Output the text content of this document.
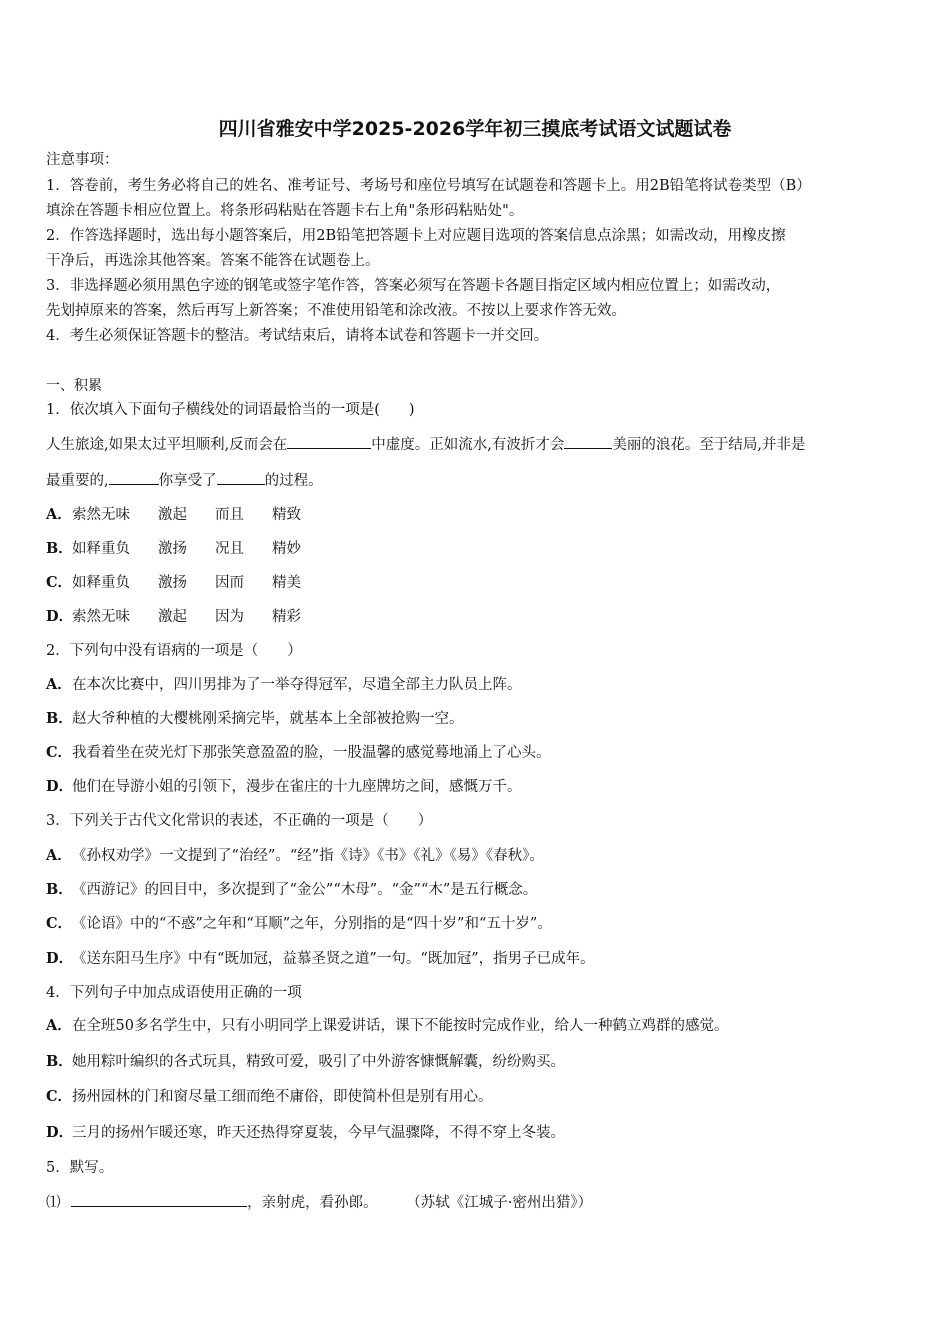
四川省雅安中学2025-2026学年初三摸底考试语文试题试卷
注意事项：
1．答卷前，考生务必将自己的姓名、准考证号、考场号和座位号填写在试题卷和答题卡上。用2B铅笔将试卷类型（B）
填涂在答题卡相应位置上。将条形码粘贴在答题卡右上角"条形码粘贴处"。
2．作答选择题时，选出每小题答案后，用2B铅笔把答题卡上对应题目选项的答案信息点涂黑；如需改动，用橡皮擦
干净后，再选涂其他答案。答案不能答在试题卷上。
3．非选择题必须用黑色字迹的钢笔或签字笔作答，答案必须写在答题卡各题目指定区域内相应位置上；如需改动，
先划掉原来的答案，然后再写上新答案；不准使用铅笔和涂改液。不按以上要求作答无效。
4．考生必须保证答题卡的整洁。考试结束后，请将本试卷和答题卡一并交回。
一、积累
1．依次填入下面句子横线处的词语最恰当的一项是(　　)
人生旅途,如果太过平坦顺利,反而会在	中虚度。正如流水,有波折才会	美丽的浪花。至于结局,并非是
最重要的,	你享受了	的过程。
A．索然无味 激起 而且 精致
B．如释重负 激扬 况且 精妙
C．如释重负 激扬 因而 精美
D．索然无味 激起 因为 精彩
2．下列句中没有语病的一项是（　　）
A．在本次比赛中，四川男排为了一举夺得冠军，尽遣全部主力队员上阵。
B．赵大爷种植的大樱桃刚采摘完毕，就基本上全部被抢购一空。
C．我看着坐在荧光灯下那张笑意盈盈的脸，一股温馨的感觉蓦地涌上了心头。
D．他们在导游小姐的引领下，漫步在雀庄的十九座牌坊之间，感慨万千。
3．下列关于古代文化常识的表述，不正确的一项是（　　）
A．《孙权劝学》一文提到了“治经”。“经”指《诗》《书》《礼》《易》《春秋》。
B．《西游记》的回目中，多次提到了“金公”“木母”。“金”“木”是五行概念。
C．《论语》中的“不惑”之年和“耳顺”之年，分别指的是“四十岁”和“五十岁”。
D．《送东阳马生序》中有“既加冠，益慕圣贤之道”一句。“既加冠”，指男子已成年。
4．下列句子中加点成语使用正确的一项
A．在全班50多名学生中，只有小明同学上课爱讲话，课下不能按时完成作业，给人一种鹤立鸡群的感觉。
B．她用粽叶编织的各式玩具，精致可爱，吸引了中外游客慷慨解囊，纷纷购买。
C．扬州园林的门和窗尽量工细而绝不庸俗，即使简朴但是别有用心。
D．三月的扬州乍暖还寒，昨天还热得穿夏装，今早气温骤降，不得不穿上冬装。
5．默写。
⑴	，亲射虎，看孙郎。 （苏轼《江城子·密州出猎》）
